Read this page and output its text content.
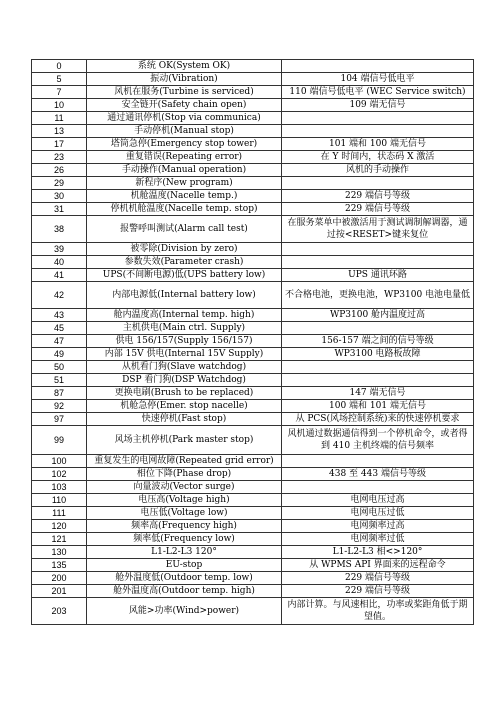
0	系统 OK(System OK)	
5	振动(Vibration)	104 端信号低电平
7	风机在服务(Turbine is serviced)	110 端信号低电平 (WEC Service switch)
10	安全链开(Safety chain open)	109 端无信号
11	通过通讯停机(Stop via communica)	
13	手动停机(Manual stop)	
17	塔筒急停(Emergency stop tower)	101 端和 100 端无信号
23	重复错误(Repeating error)	在 Y 时间内，状态码 X 激活
26	手动操作(Manual operation)	风机的手动操作
29	新程序(New program)	
30	机舱温度(Nacelle temp.)	229 端信号等级
31	停机机舱温度(Nacelle temp. stop)	229 端信号等级
38	报警呼叫测试(Alarm call test)	在服务菜单中被激活用于测试调制解调器，通过按<RESET>键来复位
39	被零除(Division by zero)	
40	参数失效(Parameter crash)	
41	UPS(不间断电源)低(UPS battery low)	UPS 通讯环路
42	内部电源低(Internal battery low)	不合格电池，更换电池，WP3100 电池电量低
43	舱内温度高(Internal temp. high)	WP3100 舱内温度过高
45	主机供电(Main ctrl. Supply)	
47	供电 156/157(Supply 156/157)	156-157 端之间的信号等级
49	内部 15V 供电(Internal 15V Supply)	WP3100 电路板故障
50	从机看门狗(Slave watchdog)	
51	DSP 看门狗(DSP Watchdog)	
87	更换电刷(Brush to be replaced)	147 端无信号
92	机舱急停(Emer. stop nacelle)	100 端和 101 端无信号
97	快速停机(Fast stop)	从 PCS(风场控制系统)来的快速停机要求
99	风场主机停机(Park master stop)	风机通过数据通信得到一个停机命令，或者得到 410 主机终端的信号频率
100	重复发生的电网故障(Repeated grid error)	
102	相位下降(Phase drop)	438 至 443 端信号等级
103	向量波动(Vector surge)	
110	电压高(Voltage high)	电网电压过高
111	电压低(Voltage low)	电网电压过低
120	频率高(Frequency high)	电网频率过高
121	频率低(Frequency low)	电网频率过低
130	L1-L2-L3 120°	L1-L2-L3 相<>120°
135	EU-stop	从 WPMS API 界面来的远程命令
200	舱外温度低(Outdoor temp. low)	229 端信号等级
201	舱外温度高(Outdoor temp. high)	229 端信号等级
203	风能>功率(Wind>power)	内部计算。与风速相比，功率或桨距角低于期望值。
